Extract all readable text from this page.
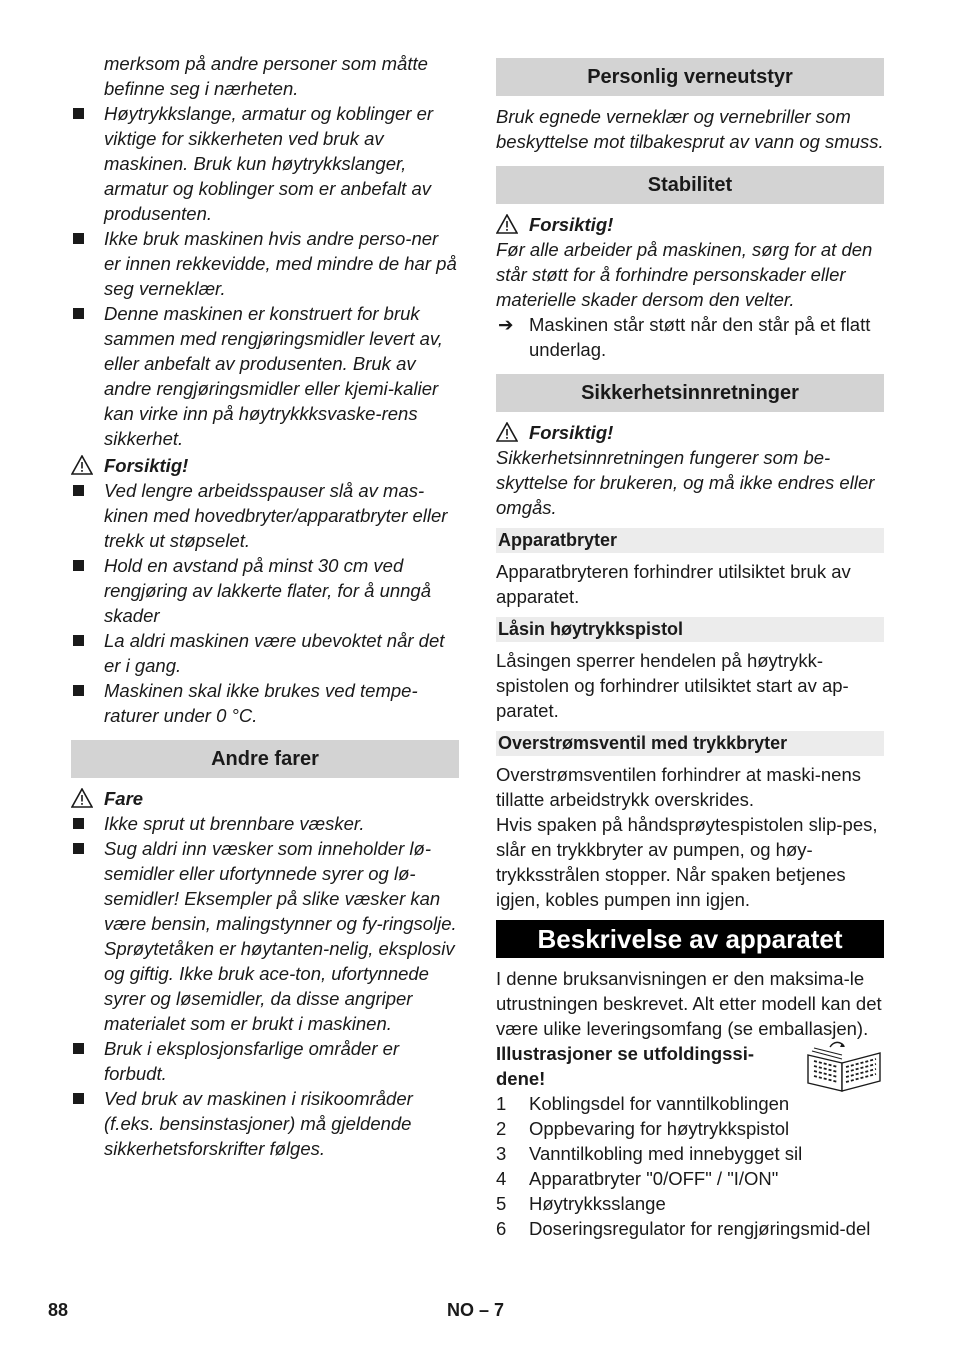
merksom på andre personer som måtte befinne seg i nærheten.

Høytrykkslange, armatur og koblinger er viktige for sikkerheten ved bruk av maskinen. Bruk kun høytrykkslanger, armatur og koblinger som er anbefalt av produsenten.
Ikke bruk maskinen hvis andre perso-ner er innen rekkevidde, med mindre de har på seg verneklær.
Denne maskinen er konstruert for bruk sammen med rengjøringsmidler levert av, eller anbefalt av produsenten. Bruk av andre rengjøringsmidler eller kjemi-kalier kan virke inn på høytrykkksvaske-rens sikkerhet.
Forsiktig!
Ved lengre arbeidsspauser slå av mas-kinen med hovedbryter/apparatbryter eller trekk ut støpselet.
Hold en avstand på minst 30 cm ved rengjøring av lakkerte flater, for å unngå skader
La aldri maskinen være ubevoktet når det er i gang.
Maskinen skal ikke brukes ved tempe-raturer under 0 °C.
Andre farer
Fare
Ikke sprut ut brennbare væsker.
Sug aldri inn væsker som inneholder lø-semidler eller ufortynnede syrer og lø-semidler! Eksempler på slike væsker kan være bensin, malingstynner og fy-ringsolje. Sprøytetåken er høytanten-nelig, eksplosiv og giftig. Ikke bruk ace-ton, ufortynnede syrer og løsemidler, da disse angriper materialet som er brukt i maskinen.
Bruk i eksplosjonsfarlige områder er forbudt.
Ved bruk av maskinen i risikoområder (f.eks. bensinstasjoner) må gjeldende sikkerhetsforskrifter følges.
Personlig verneutstyr

Bruk egnede verneklær og vernebriller som beskyttelse mot tilbakesprut av vann og smuss.

Stabilitet
Forsiktig!

Før alle arbeider på maskinen, sørg for at den står støtt for å forhindre personskader eller materielle skader dersom den velter.

➔ Maskinen står støtt når den står på et flatt underlag.
Sikkerhetsinnretninger
Forsiktig!

Sikkerhetsinnretningen fungerer som be-skyttelse for brukeren, og må ikke endres eller omgås.

Apparatbryter

Apparatbryteren forhindrer utilsiktet bruk av apparatet.

Låsin høytrykkspistol

Låsingen sperrer hendelen på høytrykk-spistolen og forhindrer utilsiktet start av ap-paratet.

Overstrømsventil med trykkbryter

Overstrømsventilen forhindrer at maski-nens tillatte arbeidstrykk overskrides.

Hvis spaken på håndsprøytespistolen slip-pes, slår en trykkbryter av pumpen, og høy-trykksstrålen stopper. Når spaken betjenes igjen, kobles pumpen inn igjen.

Beskrivelse av apparatet

I denne bruksanvisningen er den maksima-le utrustningen beskrevet. Alt etter modell kan det være ulike leveringsomfang (se emballasjen).

Illustrasjoner se utfoldingssi-dene!
1 Koblingsdel for vanntilkoblingen
2 Oppbevaring for høytrykkspistol
3 Vanntilkobling med innebygget sil
4 Apparatbryter "0/OFF" / "I/ON"
5 Høytrykksslange
6 Doseringsregulator for rengjøringsmid-del
88	NO – 7
